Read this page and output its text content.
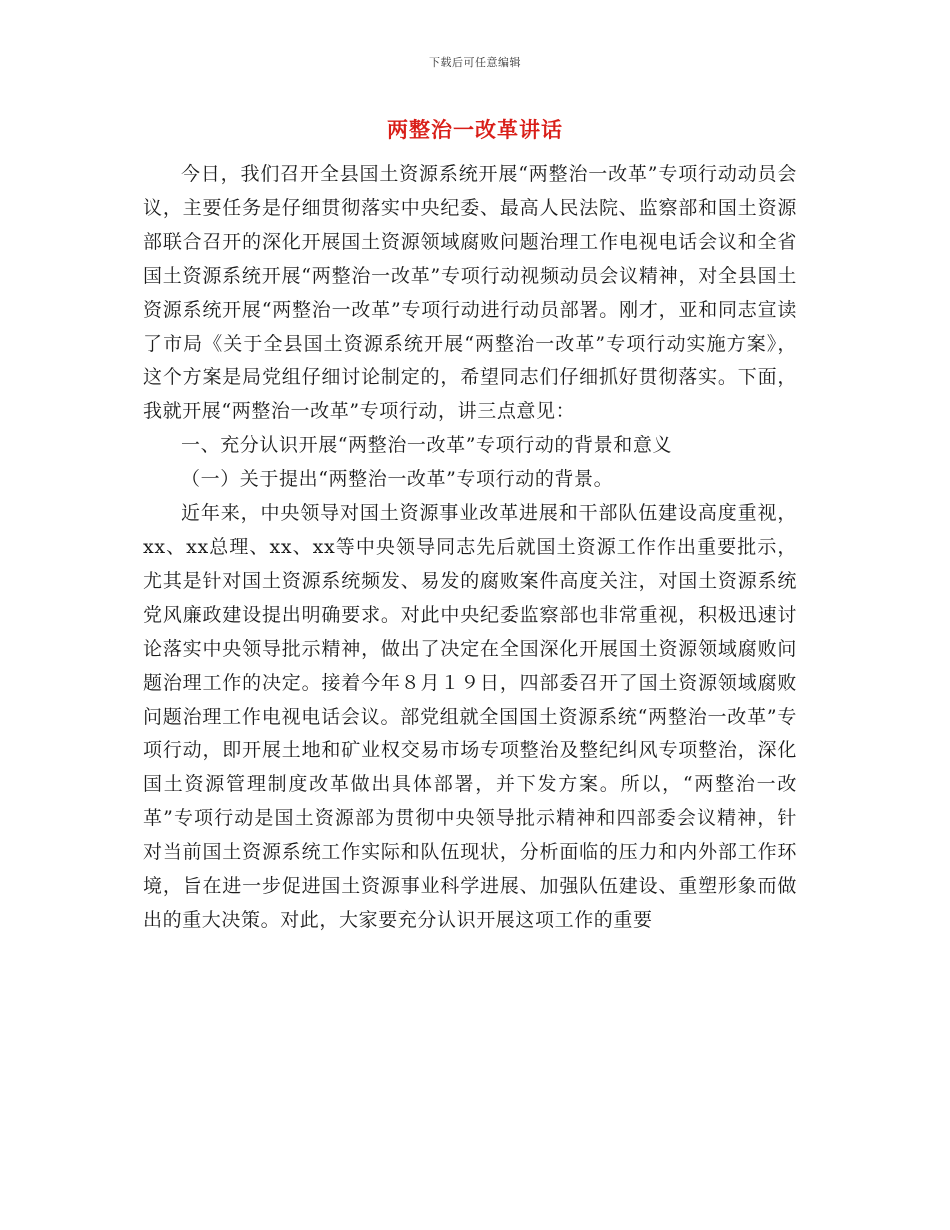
下载后可任意编辑
两整治一改革讲话

今日，我们召开全县国土资源系统开展“两整治一改革”专项行动动员会议，主要任务是仔细贯彻落实中央纪委、最高人民法院、监察部和国土资源部联合召开的深化开展国土资源领域腐败问题治理工作电视电话会议和全省国土资源系统开展“两整治一改革”专项行动视频动员会议精神，对全县国土资源系统开展“两整治一改革”专项行动进行动员部署。刚才，亚和同志宣读了市局《关于全县国土资源系统开展“两整治一改革”专项行动实施方案》，这个方案是局党组仔细讨论制定的，希望同志们仔细抓好贯彻落实。下面，我就开展“两整治一改革”专项行动，讲三点意见：

一、充分认识开展“两整治一改革”专项行动的背景和意义

（一）关于提出“两整治一改革”专项行动的背景。

近年来，中央领导对国土资源事业改革进展和干部队伍建设高度重视，xx、xx总理、xx、xx等中央领导同志先后就国土资源工作作出重要批示，尤其是针对国土资源系统频发、易发的腐败案件高度关注，对国土资源系统党风廉政建设提出明确要求。对此中央纪委监察部也非常重视，积极迅速讨论落实中央领导批示精神，做出了决定在全国深化开展国土资源领域腐败问题治理工作的决定。接着今年８月１９日，四部委召开了国土资源领域腐败问题治理工作电视电话会议。部党组就全国国土资源系统“两整治一改革”专项行动，即开展土地和矿业权交易市场专项整治及整纪纠风专项整治，深化国土资源管理制度改革做出具体部署，并下发方案。所以，“两整治一改革”专项行动是国土资源部为贯彻中央领导批示精神和四部委会议精神，针对当前国土资源系统工作实际和队伍现状，分析面临的压力和内外部工作环境，旨在进一步促进国土资源事业科学进展、加强队伍建设、重塑形象而做出的重大决策。对此，大家要充分认识开展这项工作的重要
